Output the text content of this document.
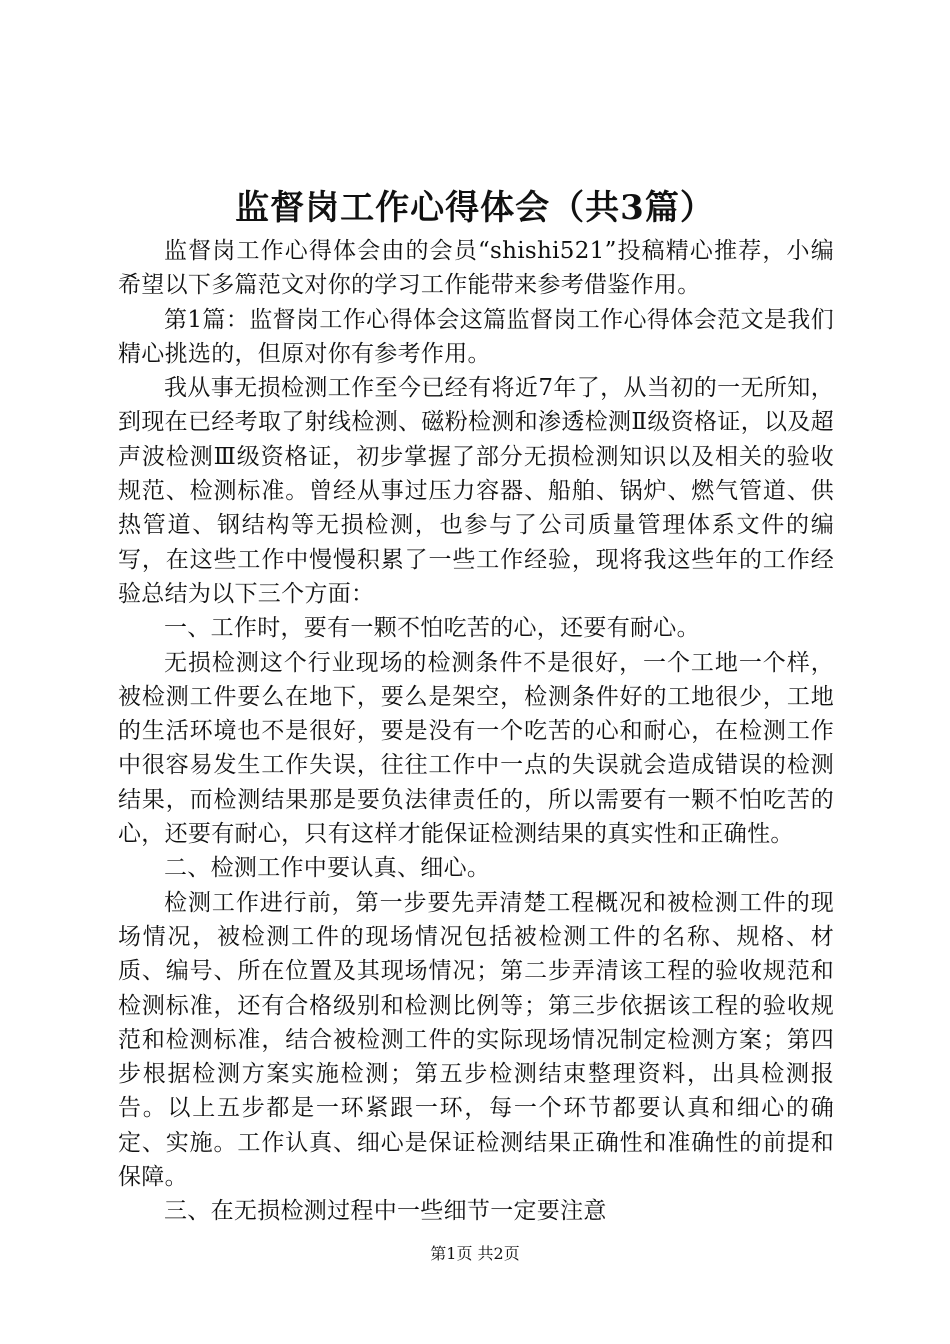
监督岗工作心得体会（共3篇）

监督岗工作心得体会由的会员“shishi521”投稿精心推荐，小编希望以下多篇范文对你的学习工作能带来参考借鉴作用。

第1篇：监督岗工作心得体会这篇监督岗工作心得体会范文是我们精心挑选的，但原对你有参考作用。

我从事无损检测工作至今已经有将近7年了，从当初的一无所知，到现在已经考取了射线检测、磁粉检测和渗透检测Ⅱ级资格证，以及超声波检测Ⅲ级资格证，初步掌握了部分无损检测知识以及相关的验收规范、检测标准。曾经从事过压力容器、船舶、锅炉、燃气管道、供热管道、钢结构等无损检测，也参与了公司质量管理体系文件的编写，在这些工作中慢慢积累了一些工作经验，现将我这些年的工作经验总结为以下三个方面：

一、工作时，要有一颗不怕吃苦的心，还要有耐心。

无损检测这个行业现场的检测条件不是很好，一个工地一个样，被检测工件要么在地下，要么是架空，检测条件好的工地很少，工地的生活环境也不是很好，要是没有一个吃苦的心和耐心，在检测工作中很容易发生工作失误，往往工作中一点的失误就会造成错误的检测结果，而检测结果那是要负法律责任的，所以需要有一颗不怕吃苦的心，还要有耐心，只有这样才能保证检测结果的真实性和正确性。

二、检测工作中要认真、细心。

检测工作进行前，第一步要先弄清楚工程概况和被检测工件的现场情况，被检测工件的现场情况包括被检测工件的名称、规格、材质、编号、所在位置及其现场情况；第二步弄清该工程的验收规范和检测标准，还有合格级别和检测比例等；第三步依据该工程的验收规范和检测标准，结合被检测工件的实际现场情况制定检测方案；第四步根据检测方案实施检测；第五步检测结束整理资料，出具检测报告。以上五步都是一环紧跟一环，每一个环节都要认真和细心的确定、实施。工作认真、细心是保证检测结果正确性和准确性的前提和保障。

三、在无损检测过程中一些细节一定要注意

第1页 共2页
